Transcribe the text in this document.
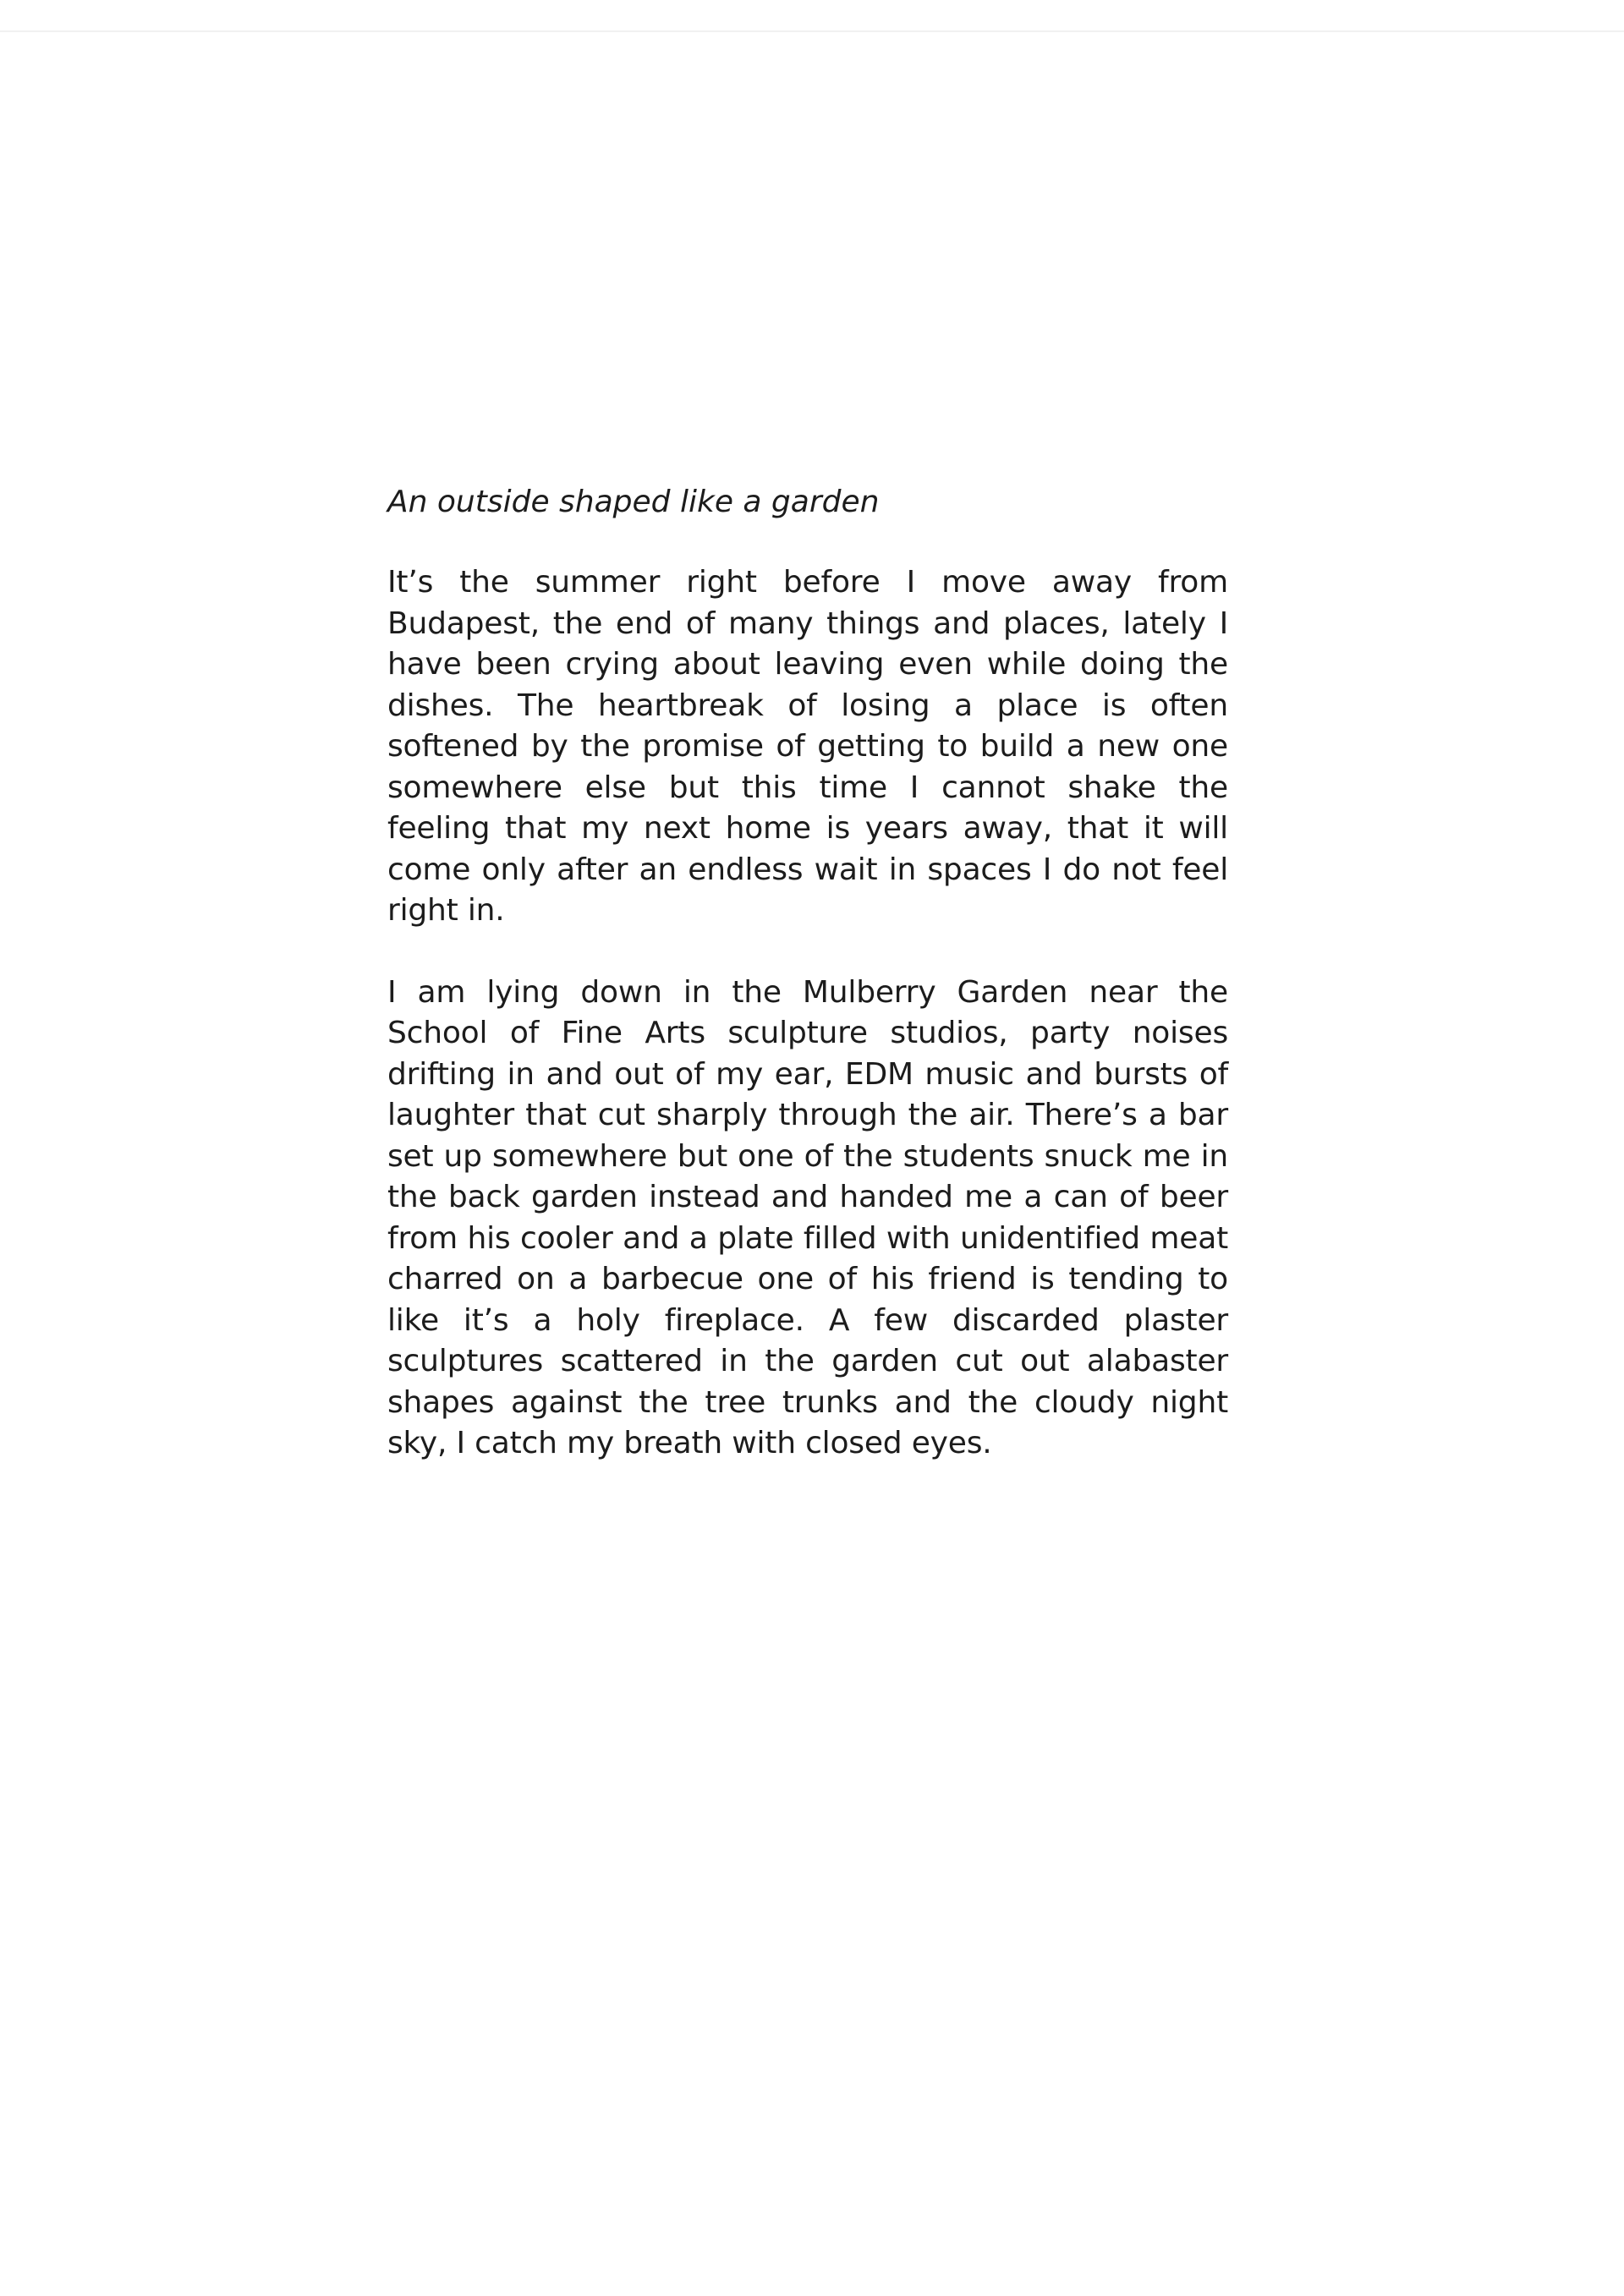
An outside shaped like a garden

It’s the summer right before I move away from Budapest, the end of many things and places, lately I have been crying about leaving even while doing the dishes. The heartbreak of losing a place is often softened by the promise of getting to build a new one somewhere else but this time I cannot shake the feeling that my next home is years away, that it will come only after an endless wait in spaces I do not feel right in.

I am lying down in the Mulberry Garden near the School of Fine Arts sculpture studios, party noises drifting in and out of my ear, EDM music and bursts of laughter that cut sharply through the air. There’s a bar set up somewhere but one of the students snuck me in the back garden instead and handed me a can of beer from his cooler and a plate filled with unidentified meat charred on a barbecue one of his friend is tending to like it’s a holy fireplace. A few discarded plaster sculptures scattered in the garden cut out alabaster shapes against the tree trunks and the cloudy night sky, I catch my breath with closed eyes.
